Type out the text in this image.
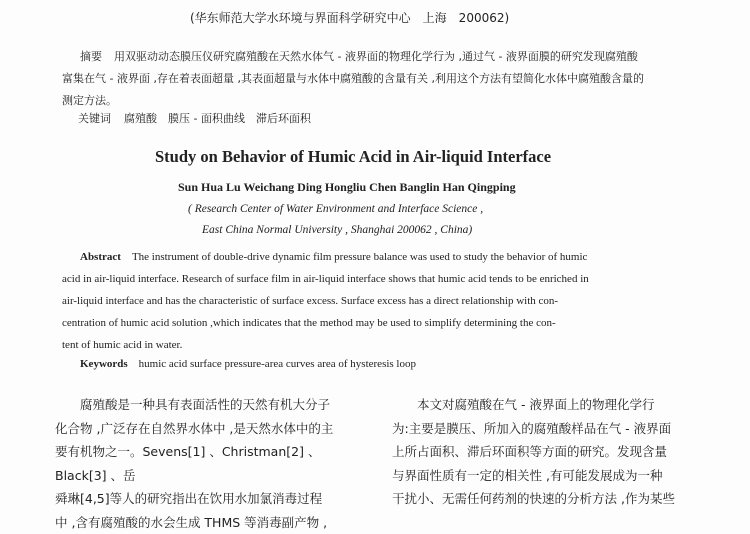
(华东师范大学水环境与界面科学研究中心　上海　200062)
摘要 用双驱动动态膜压仪研究腐殖酸在天然水体气 - 液界面的物理化学行为 ,通过气 - 液界面膜的研究发现腐殖酸
富集在气 - 液界面 ,存在着表面超量 ,其表面超量与水体中腐殖酸的含量有关 ,利用这个方法有望简化水体中腐殖酸含量的
测定方法。
关键词 腐殖酸　膜压 - 面积曲线　滞后环面积
Study on Behavior of Humic Acid in Air-liquid Interface
Sun Hua Lu Weichang Ding Hongliu Chen Banglin Han Qingping
( Research Center of Water Environment and Interface Science ,
East China Normal University , Shanghai 200062 , China)
Abstract The instrument of double-drive dynamic film pressure balance was used to study the behavior of humic
acid in air-liquid interface. Research of surface film in air-liquid interface shows that humic acid tends to be enriched in
air-liquid interface and has the characteristic of surface excess. Surface excess has a direct relationship with con-
centration of humic acid solution ,which indicates that the method may be used to simplify determining the con-
tent of humic acid in water.
Keywords humic acid surface pressure-area curves area of hysteresis loop
　　腐殖酸是一种具有表面活性的天然有机大分子
化合物 ,广泛存在自然界水体中 ,是天然水体中的主
要有机物之一。Sevens[1] 、Christman[2] 、Black[3] 、岳
舜琳[4,5]等人的研究指出在饮用水加氯消毒过程
中 ,含有腐殖酸的水会生成 THMS 等消毒副产物 ,
　　本文对腐殖酸在气 - 液界面上的物理化学行
为:主要是膜压、所加入的腐殖酸样品在气 - 液界面
上所占面积、滞后环面积等方面的研究。发现含量
与界面性质有一定的相关性 ,有可能发展成为一种
干扰小、无需任何药剂的快速的分析方法 ,作为某些
